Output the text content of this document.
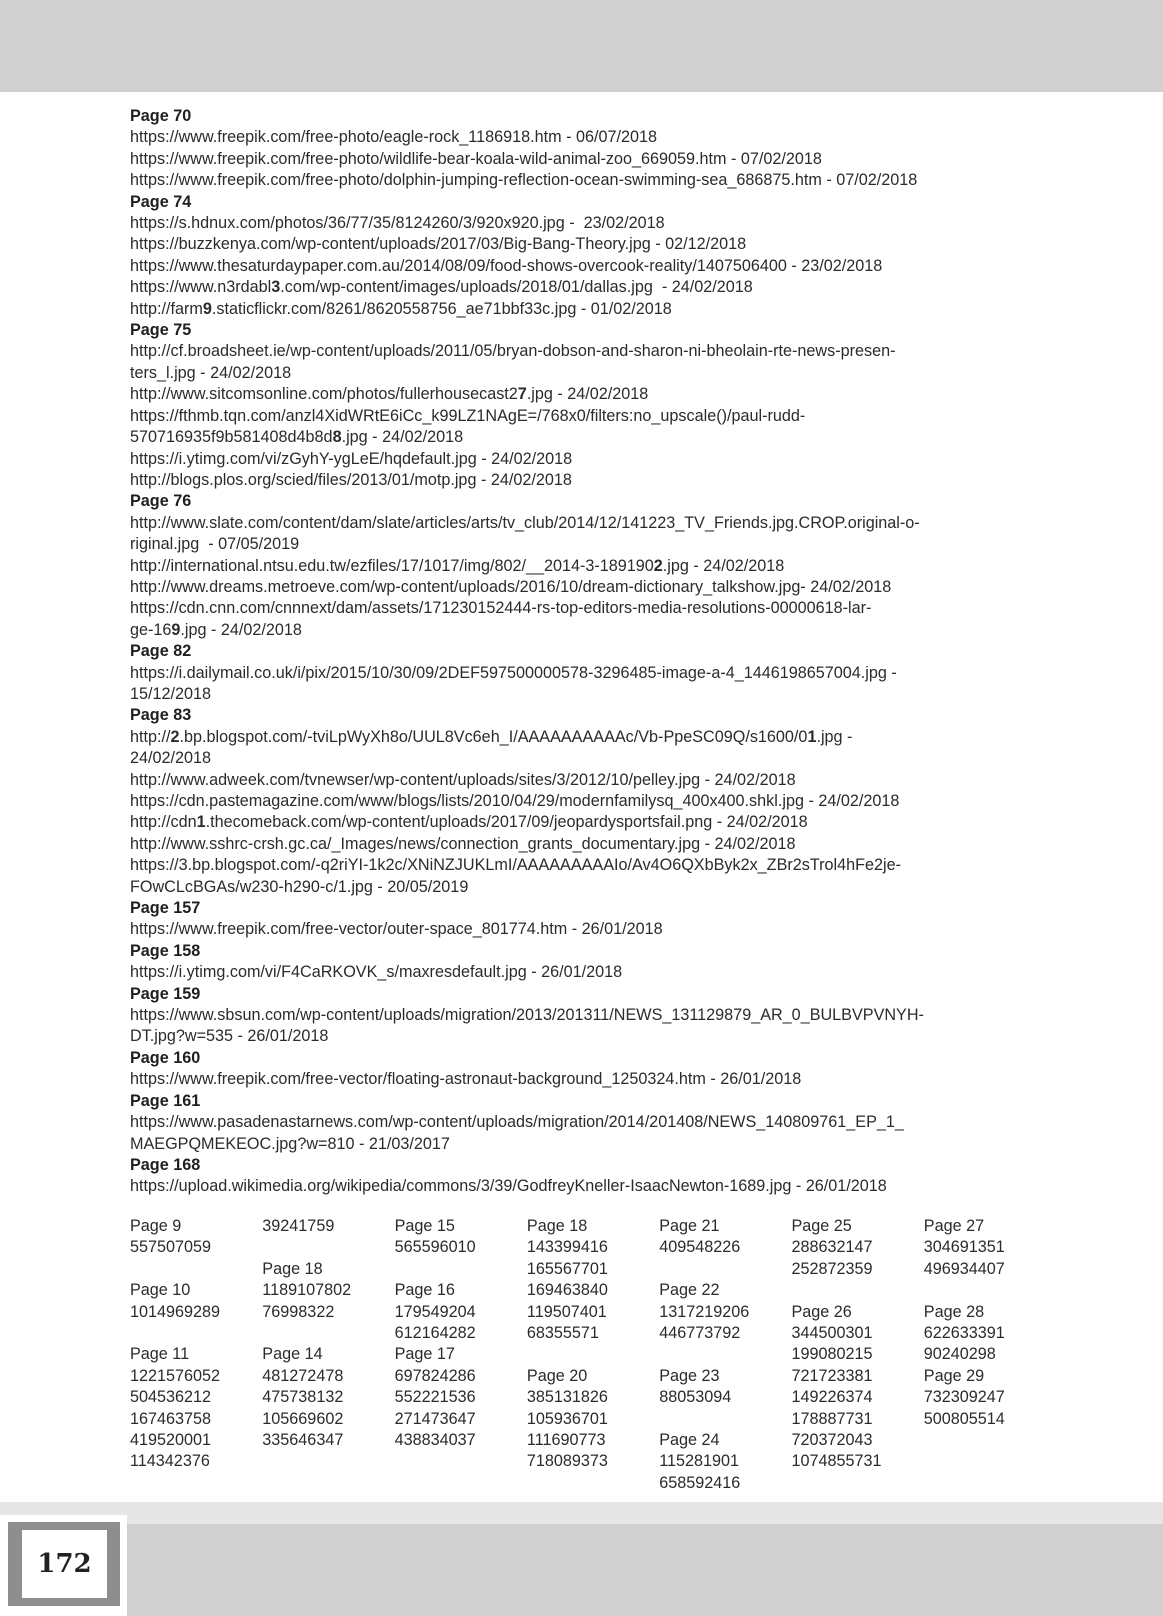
Page 70
https://www.freepik.com/free-photo/eagle-rock_1186918.htm - 06/07/2018
https://www.freepik.com/free-photo/wildlife-bear-koala-wild-animal-zoo_669059.htm - 07/02/2018
https://www.freepik.com/free-photo/dolphin-jumping-reflection-ocean-swimming-sea_686875.htm - 07/02/2018
Page 74
https://s.hdnux.com/photos/36/77/35/8124260/3/920x920.jpg -  23/02/2018
https://buzzkenya.com/wp-content/uploads/2017/03/Big-Bang-Theory.jpg - 02/12/2018
https://www.thesaturdaypaper.com.au/2014/08/09/food-shows-overcook-reality/1407506400 - 23/02/2018
https://www.n3rdabl3.com/wp-content/images/uploads/2018/01/dallas.jpg  - 24/02/2018
http://farm9.staticflickr.com/8261/8620558756_ae71bbf33c.jpg - 01/02/2018
Page 75
http://cf.broadsheet.ie/wp-content/uploads/2011/05/bryan-dobson-and-sharon-ni-bheolain-rte-news-presen-
ters_l.jpg - 24/02/2018
http://www.sitcomsonline.com/photos/fullerhousecast27.jpg - 24/02/2018
https://fthmb.tqn.com/anzl4XidWRtE6iCc_k99LZ1NAgE=/768x0/filters:no_upscale()/paul-rudd-
570716935f9b581408d4b8d8.jpg - 24/02/2018
https://i.ytimg.com/vi/zGyhY-ygLeE/hqdefault.jpg - 24/02/2018
http://blogs.plos.org/scied/files/2013/01/motp.jpg - 24/02/2018
Page 76
http://www.slate.com/content/dam/slate/articles/arts/tv_club/2014/12/141223_TV_Friends.jpg.CROP.original-o-
riginal.jpg  - 07/05/2019
http://international.ntsu.edu.tw/ezfiles/17/1017/img/802/__2014-3-1891902.jpg - 24/02/2018
http://www.dreams.metroeve.com/wp-content/uploads/2016/10/dream-dictionary_talkshow.jpg- 24/02/2018
https://cdn.cnn.com/cnnnext/dam/assets/171230152444-rs-top-editors-media-resolutions-00000618-lar-
ge-169.jpg - 24/02/2018
Page 82
https://i.dailymail.co.uk/i/pix/2015/10/30/09/2DEF597500000578-3296485-image-a-4_1446198657004.jpg -
15/12/2018
Page 83
http://2.bp.blogspot.com/-tviLpWyXh8o/UUL8Vc6eh_I/AAAAAAAAAAc/Vb-PpeSC09Q/s1600/01.jpg -
24/02/2018
http://www.adweek.com/tvnewser/wp-content/uploads/sites/3/2012/10/pelley.jpg - 24/02/2018
https://cdn.pastemagazine.com/www/blogs/lists/2010/04/29/modernfamilysq_400x400.shkl.jpg - 24/02/2018
http://cdn1.thecomeback.com/wp-content/uploads/2017/09/jeopardysportsfail.png - 24/02/2018
http://www.sshrc-crsh.gc.ca/_Images/news/connection_grants_documentary.jpg - 24/02/2018
https://3.bp.blogspot.com/-q2riYI-1k2c/XNiNZJUKLmI/AAAAAAAAAIo/Av4O6QXbByk2x_ZBr2sTrol4hFe2je-
FOwCLcBGAs/w230-h290-c/1.jpg - 20/05/2019
Page 157
https://www.freepik.com/free-vector/outer-space_801774.htm - 26/01/2018
Page 158
https://i.ytimg.com/vi/F4CaRKOVK_s/maxresdefault.jpg - 26/01/2018
Page 159
https://www.sbsun.com/wp-content/uploads/migration/2013/201311/NEWS_131129879_AR_0_BULBVPVNYH-
DT.jpg?w=535 - 26/01/2018
Page 160
https://www.freepik.com/free-vector/floating-astronaut-background_1250324.htm - 26/01/2018
Page 161
https://www.pasadenastarnews.com/wp-content/uploads/migration/2014/201408/NEWS_140809761_EP_1_
MAEGPQMEKEOC.jpg?w=810 - 21/03/2017
Page 168
https://upload.wikimedia.org/wikipedia/commons/3/39/GodfreyKneller-IsaacNewton-1689.jpg - 26/01/2018
Page 9
557507059
Page 10
1014969289
Page 11
1221576052
504536212
167463758
419520001
114342376
39241759
Page 18
1189107802
76998322
Page 14
481272478
475738132
105669602
335646347
Page 15
565596010
Page 16
179549204
612164282
Page 17
697824286
552221536
271473647
438834037
Page 18
143399416
165567701
169463840
119507401
68355571
Page 20
385131826
105936701
111690773
718089373
Page 21
409548226
Page 22
1317219206
446773792
Page 23
88053094
Page 24
115281901
658592416
Page 25
288632147
252872359
Page 26
344500301
199080215
721723381
149226374
178887731
720372043
1074855731
Page 27
304691351
496934407
Page 28
622633391
90240298
Page 29
732309247
500805514
172
